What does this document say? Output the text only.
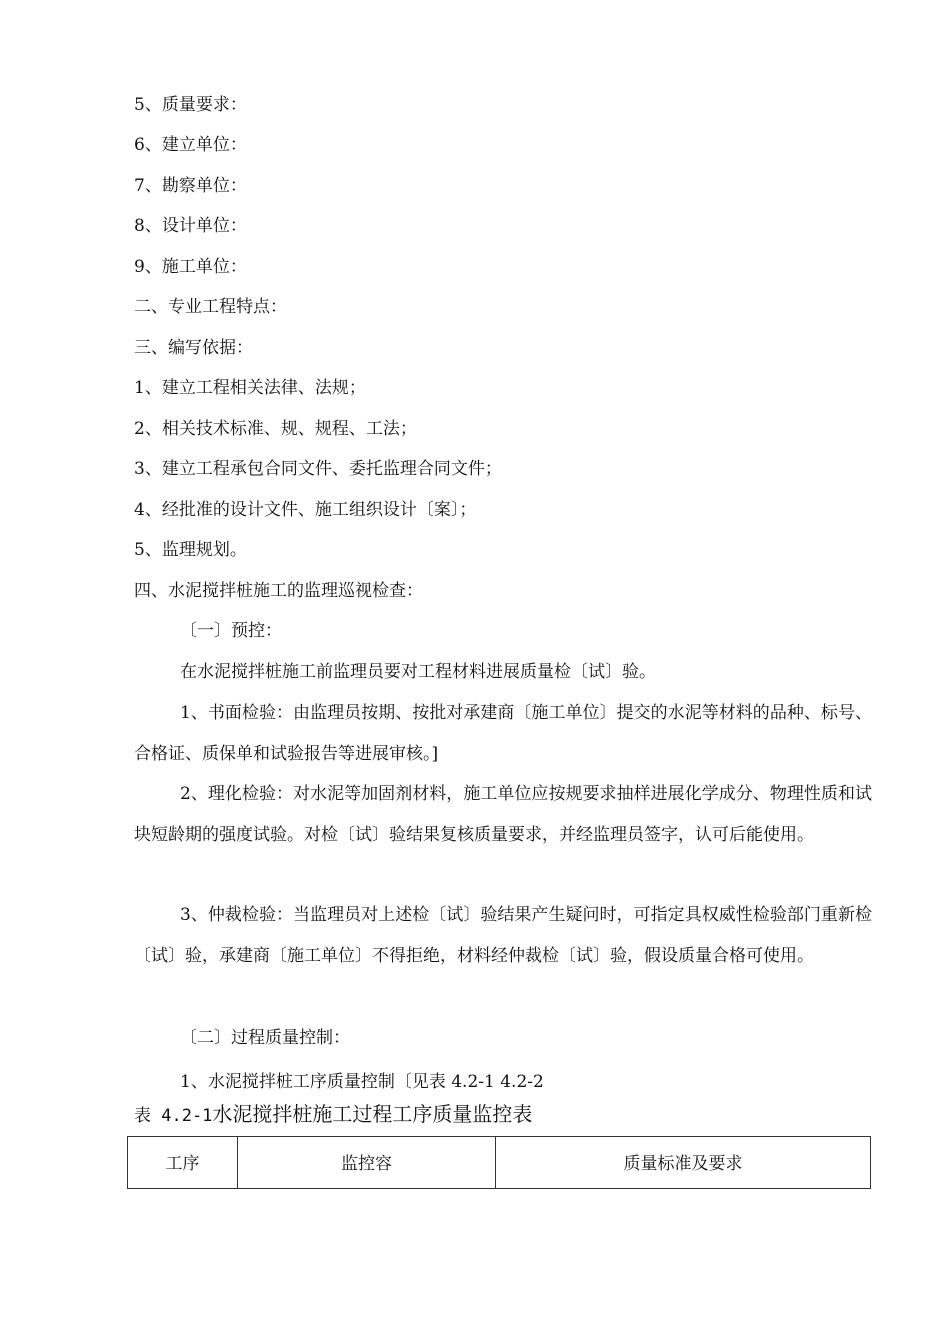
5、质量要求：
6、建立单位：
7、勘察单位：
8、设计单位：
9、施工单位：
二、专业工程特点：
三、编写依据：
1、建立工程相关法律、法规；
2、相关技术标准、规、规程、工法；
3、建立工程承包合同文件、委托监理合同文件；
4、经批准的设计文件、施工组织设计〔案〕；
5、监理规划。
四、水泥搅拌桩施工的监理巡视检查：
〔一〕预控：
在水泥搅拌桩施工前监理员要对工程材料进展质量检〔试〕验。

1、书面检验：由监理员按期、按批对承建商〔施工单位〕提交的水泥等材料的品种、标号、合格证、质保单和试验报告等进展审核。]

2、理化检验：对水泥等加固剂材料，施工单位应按规要求抽样进展化学成分、物理性质和试块短龄期的强度试验。对检〔试〕验结果复核质量要求，并经监理员签字，认可后能使用。

3、仲裁检验：当监理员对上述检〔试〕验结果产生疑问时，可指定具权威性检验部门重新检〔试〕验，承建商〔施工单位〕不得拒绝，材料经仲裁检〔试〕验，假设质量合格可使用。

〔二〕过程质量控制：
1、水泥搅拌桩工序质量控制〔见表 4.2-1 4.2-2
表 4.2-1水泥搅拌桩施工过程工序质量监控表
工序	监控容	质量标准及要求
